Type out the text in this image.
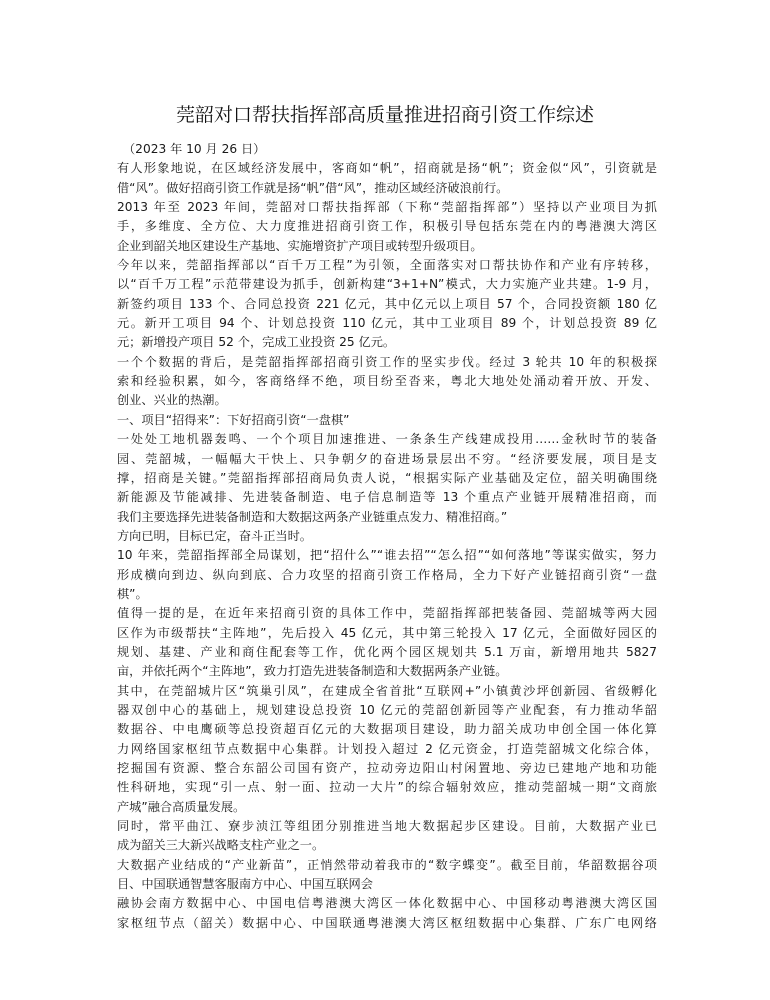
莞韶对口帮扶指挥部高质量推进招商引资工作综述
（2023 年 10 月 26 日）
有人形象地说，在区域经济发展中，客商如“帆”，招商就是扬“帆”；资金似“风”，引资就是
借“风”。做好招商引资工作就是扬“帆”借“风”，推动区域经济破浪前行。
2013 年至 2023 年间，莞韶对口帮扶指挥部（下称“莞韶指挥部”）坚持以产业项目为抓
手，多维度、全方位、大力度推进招商引资工作，积极引导包括东莞在内的粤港澳大湾区
企业到韶关地区建设生产基地、实施增资扩产项目或转型升级项目。
今年以来，莞韶指挥部以“百千万工程”为引领，全面落实对口帮扶协作和产业有序转移，
以“百千万工程”示范带建设为抓手，创新构建“3+1+N”模式，大力实施产业共建。1-9 月，
新签约项目 133 个、合同总投资 221 亿元，其中亿元以上项目 57 个，合同投资额 180 亿
元。新开工项目 94 个、计划总投资 110 亿元，其中工业项目 89 个，计划总投资 89 亿
元；新增投产项目 52 个，完成工业投资 25 亿元。
一个个数据的背后，是莞韶指挥部招商引资工作的坚实步伐。经过 3 轮共 10 年的积极探
索和经验积累，如今，客商络绎不绝，项目纷至沓来，粤北大地处处涌动着开放、开发、
创业、兴业的热潮。
一、项目“招得来”：下好招商引资“一盘棋”
一处处工地机器轰鸣、一个个项目加速推进、一条条生产线建成投用……金秋时节的装备
园、莞韶城，一幅幅大干快上、只争朝夕的奋进场景层出不穷。“经济要发展，项目是支
撑，招商是关键。”莞韶指挥部招商局负责人说，“根据实际产业基础及定位，韶关明确围绕
新能源及节能减排、先进装备制造、电子信息制造等 13 个重点产业链开展精准招商，而
我们主要选择先进装备制造和大数据这两条产业链重点发力、精准招商。”
方向已明，目标已定，奋斗正当时。
10 年来，莞韶指挥部全局谋划，把“招什么”“谁去招”“怎么招”“如何落地”等谋实做实，努力
形成横向到边、纵向到底、合力攻坚的招商引资工作格局，全力下好产业链招商引资“一盘
棋”。
值得一提的是，在近年来招商引资的具体工作中，莞韶指挥部把装备园、莞韶城等两大园
区作为市级帮扶“主阵地”，先后投入 45 亿元，其中第三轮投入 17 亿元，全面做好园区的
规划、基建、产业和商住配套等工作，优化两个园区规划共 5.1 万亩，新增用地共 5827
亩，并依托两个“主阵地”，致力打造先进装备制造和大数据两条产业链。
其中，在莞韶城片区“筑巢引凤”，在建成全省首批“互联网+”小镇黄沙坪创新园、省级孵化
器双创中心的基础上，规划建设总投资 10 亿元的莞韶创新园等产业配套，有力推动华韶
数据谷、中电鹰硕等总投资超百亿元的大数据项目建设，助力韶关成功申创全国一体化算
力网络国家枢纽节点数据中心集群。计划投入超过 2 亿元资金，打造莞韶城文化综合体，
挖掘国有资源、整合东韶公司国有资产，拉动旁边阳山村闲置地、旁边已建地产地和功能
性科研地，实现“引一点、射一面、拉动一大片”的综合辐射效应，推动莞韶城一期“文商旅
产城”融合高质量发展。
同时，常平曲江、寮步浈江等组团分别推进当地大数据起步区建设。目前，大数据产业已
成为韶关三大新兴战略支柱产业之一。
大数据产业结成的“产业新苗”，正悄然带动着我市的“数字蝶变”。截至目前，华韶数据谷项
目、中国联通智慧客服南方中心、中国互联网会
融协会南方数据中心、中国电信粤港澳大湾区一体化数据中心、中国移动粤港澳大湾区国
家枢纽节点（韶关）数据中心、中国联通粤港澳大湾区枢纽数据中心集群、广东广电网络
